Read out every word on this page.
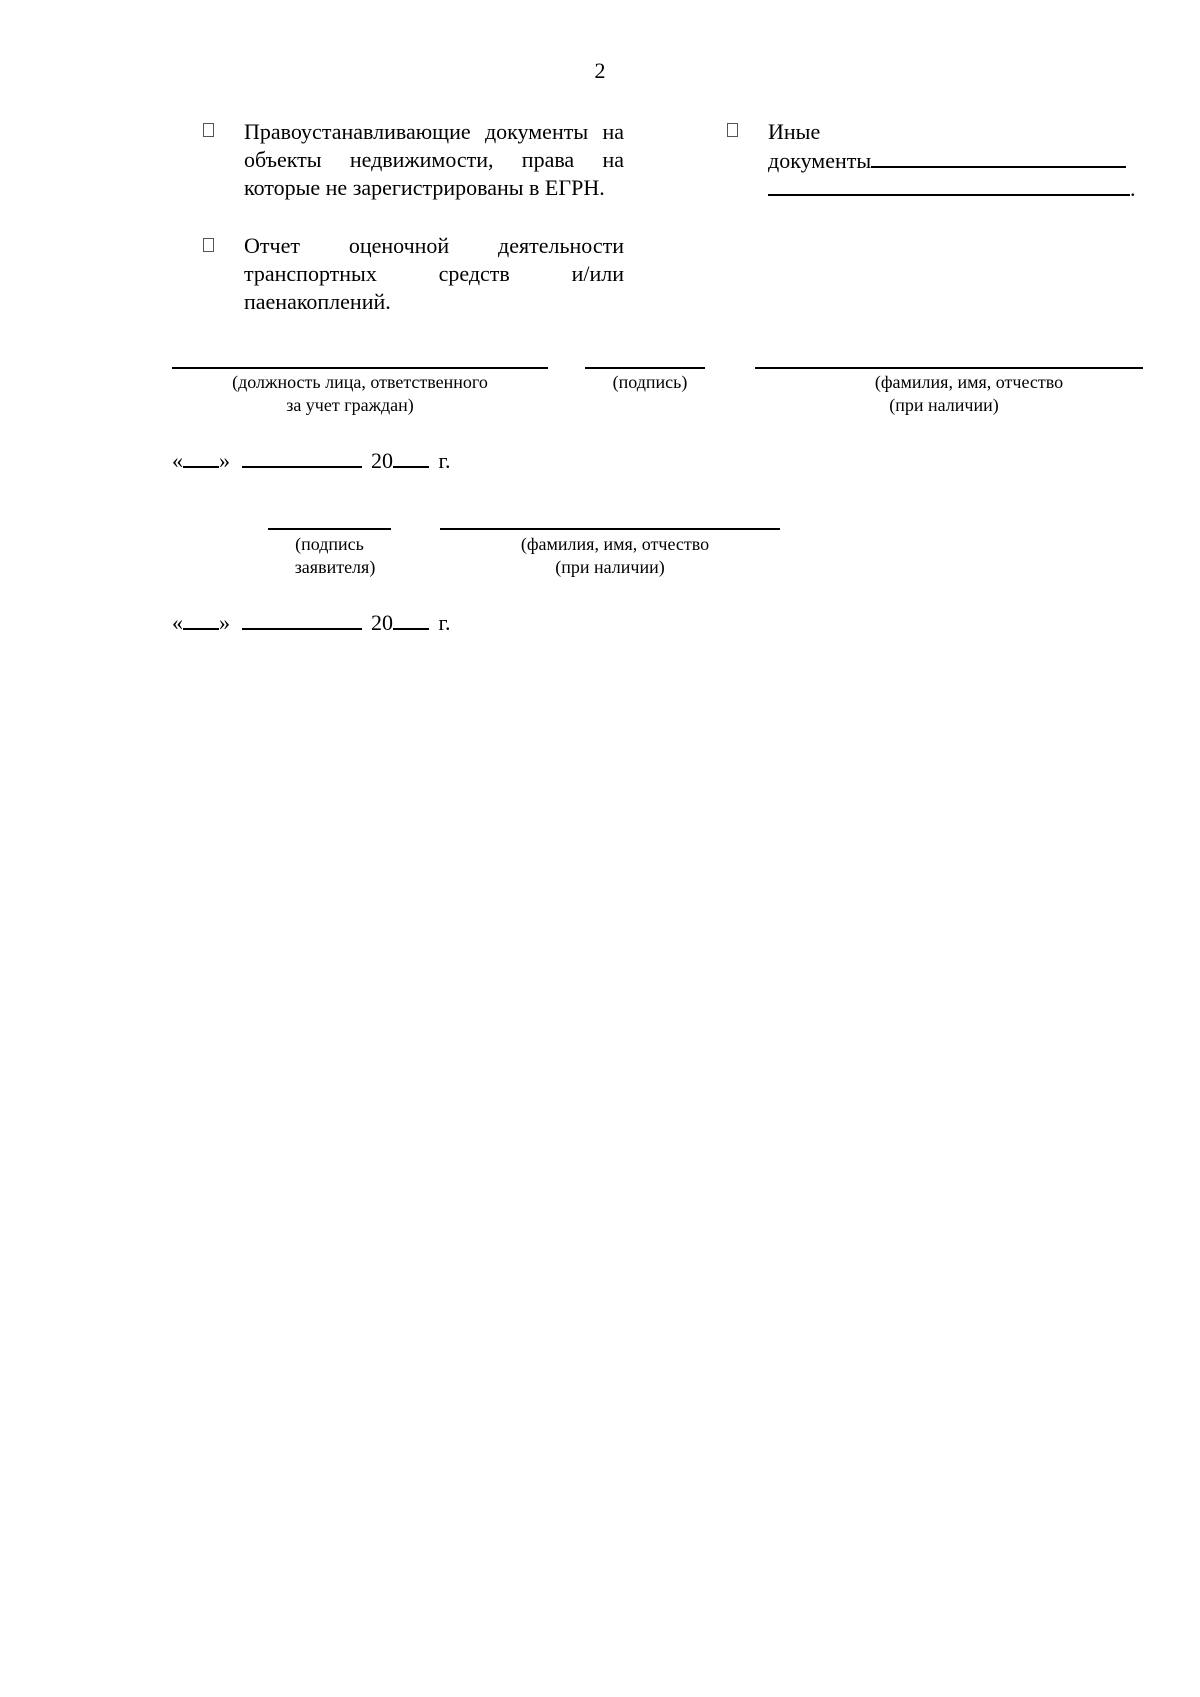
2
Правоустанавливающие документы на объекты недвижимости, права на которые не зарегистрированы в ЕГРН.
Отчет оценочной деятельности транспортных средств и/или паенакоплений.
Иные
документы
.
(должность лица, ответственного
за учет граждан)
(подпись)	(фамилия, имя, отчество
(при наличии)
« »	20 г.
(подпись
заявителя)
(фамилия, имя, отчество
(при наличии)
« »	20 г.
